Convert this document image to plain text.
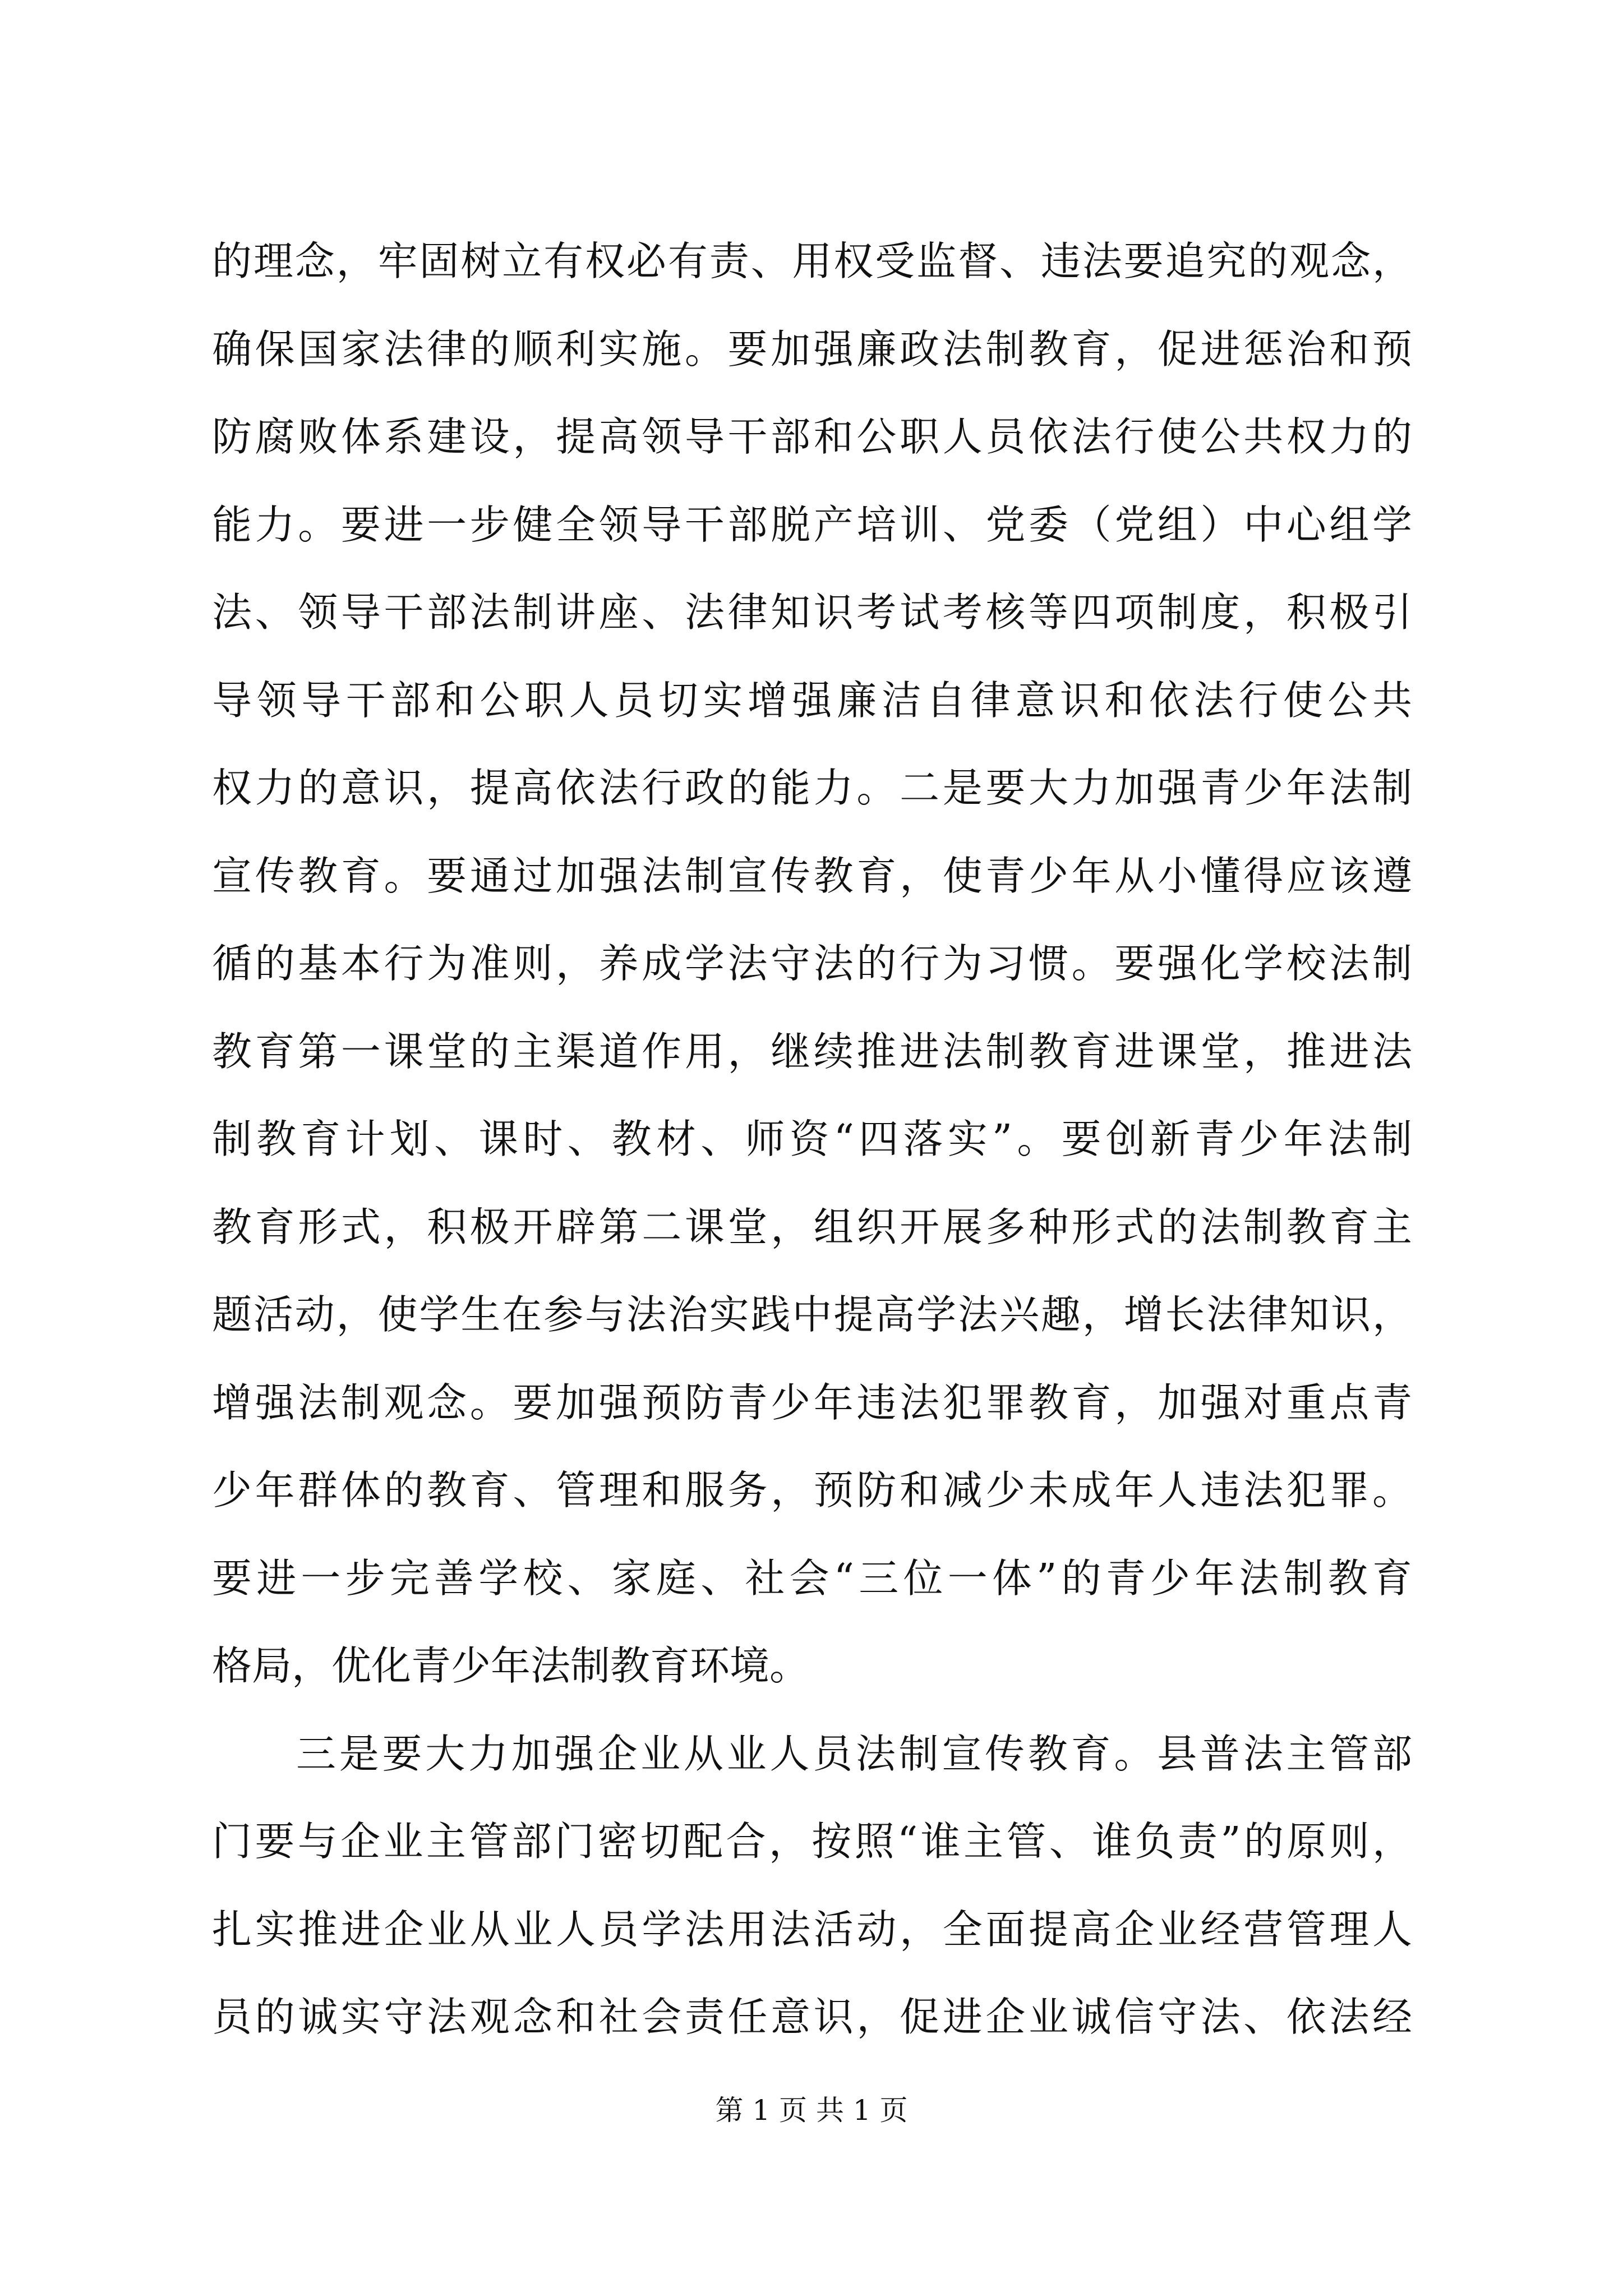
的理念，牢固树立有权必有责、用权受监督、违法要追究的观念，
确保国家法律的顺利实施。要加强廉政法制教育，促进惩治和预
防腐败体系建设，提高领导干部和公职人员依法行使公共权力的
能力。要进一步健全领导干部脱产培训、党委（党组）中心组学
法、领导干部法制讲座、法律知识考试考核等四项制度，积极引
导领导干部和公职人员切实增强廉洁自律意识和依法行使公共
权力的意识，提高依法行政的能力。二是要大力加强青少年法制
宣传教育。要通过加强法制宣传教育，使青少年从小懂得应该遵
循的基本行为准则，养成学法守法的行为习惯。要强化学校法制
教育第一课堂的主渠道作用，继续推进法制教育进课堂，推进法
制教育计划、课时、教材、师资“四落实”。要创新青少年法制
教育形式，积极开辟第二课堂，组织开展多种形式的法制教育主
题活动，使学生在参与法治实践中提高学法兴趣，增长法律知识，
增强法制观念。要加强预防青少年违法犯罪教育，加强对重点青
少年群体的教育、管理和服务，预防和减少未成年人违法犯罪。
要进一步完善学校、家庭、社会“三位一体”的青少年法制教育
格局，优化青少年法制教育环境。
三是要大力加强企业从业人员法制宣传教育。县普法主管部
门要与企业主管部门密切配合，按照“谁主管、谁负责”的原则，
扎实推进企业从业人员学法用法活动，全面提高企业经营管理人
员的诚实守法观念和社会责任意识，促进企业诚信守法、依法经
第 1 页 共 1 页
